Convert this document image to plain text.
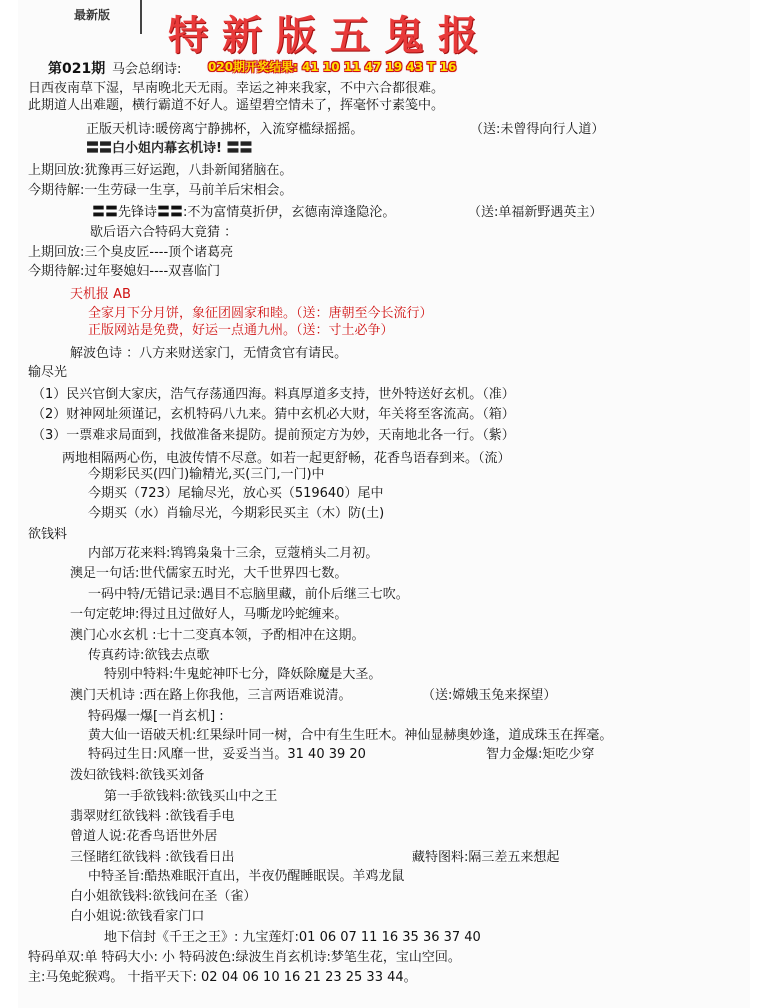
最新版 特新版五鬼报
第021期 马会总纲诗: 020期开奖结果: 41 10 11 47 19 43 T 16
日西夜南草下湿，早南晚北天无雨。幸运之神来我家，不中六合都很难。
此期道人出难题，横行霸道不好人。遥望碧空情未了，挥毫怀寸素笺中。
正版天机诗:暖傍离宁静拂杯，入流穿槛绿摇摇。	（送:未曾得向行人道）
〓〓白小姐内幕玄机诗! 〓〓
上期回放:犹豫再三好运跑，八卦新闻猪脑在。
今期待解:一生劳碌一生享，马前羊后宋相会。
〓〓先锋诗〓〓:不为富情莫折伊，玄德南漳逢隐沦。	（送:单福新野遇英主）
歇后语六合特码大竟猜 ：
上期回放:三个臭皮匠----顶个诸葛亮
今期待解:过年娶媳妇----双喜临门
天机报 AB
全家月下分月饼，象征团圆家和睦。（送：唐朝至今长流行）
正版网站是免费，好运一点通九州。（送：寸土必争）
解波色诗 ：八方来财送家门，无情贪官有请民。
输尽光
（1）民兴官倒大家庆，浩气存荡通四海。料真厚道多支持，世外特送好玄机。（准）
（2）财神网址须谨记，玄机特码八九来。猜中玄机必大财，年关将至客流高。（箱）
（3）一票难求局面到，找做准备来提防。提前预定方为妙，天南地北各一行。（紫）
两地相隔两心伤，电波传情不尽意。如若一起更舒畅，花香鸟语春到来。（流）
今期彩民买(四门)输精光,买(三门,一门)中
今期买（723）尾输尽光，放心买（519640）尾中
今期买（水）肖输尽光，今期彩民买主（木）防(土)
欲钱料
内部万花来料:鸨鸨枭枭十三余，豆蔻梢头二月初。
澳足一句话:世代儒家五时光，大千世界四七数。
一码中特/无错记录:遇目不忘脑里藏，前仆后继三七吹。
一句定乾坤:得过且过做好人，马嘶龙吟蛇缠来。
澳门心水玄机 :七十二变真本领，予酌相冲在这期。
传真药诗:欲钱去点歌
特别中特料:牛鬼蛇神吓七分，降妖除魔是大圣。
澳门天机诗 :西在路上你我他，三言两语难说清。	（送:嫦娥玉兔来探望）
特码爆一爆[一肖玄机] :
黄大仙一语破天机:红果绿叶同一树，合中有生生旺木。神仙显赫奥妙逢，道成珠玉在挥毫。
特码过生日:风靡一世，妥妥当当。31 40 39 20	智力金爆:矩吃少穿
泼妇欲钱料:欲钱买刘备
第一手欲钱料:欲钱买山中之王
翡翠财红欲钱料 :欲钱看手电
曾道人说:花香鸟语世外居
三怪睹红欲钱料 :欲钱看日出	藏特图料:隔三差五来想起
中特圣旨:酷热难眠汗直出，半夜仍醒睡眠误。羊鸡龙鼠
白小姐欲钱料:欲钱问在圣（雀）
白小姐说:欲钱看家门口
地下信封《千王之王》: 九宝莲灯:01 06 07 11 16 35 36 37 40
特码单双:单 特码大小: 小 特码波色:绿波生肖玄机诗:梦笔生花，宝山空回。
主:马兔蛇猴鸡。 十指平天下: 02 04 06 10 16 21 23 25 33 44。
